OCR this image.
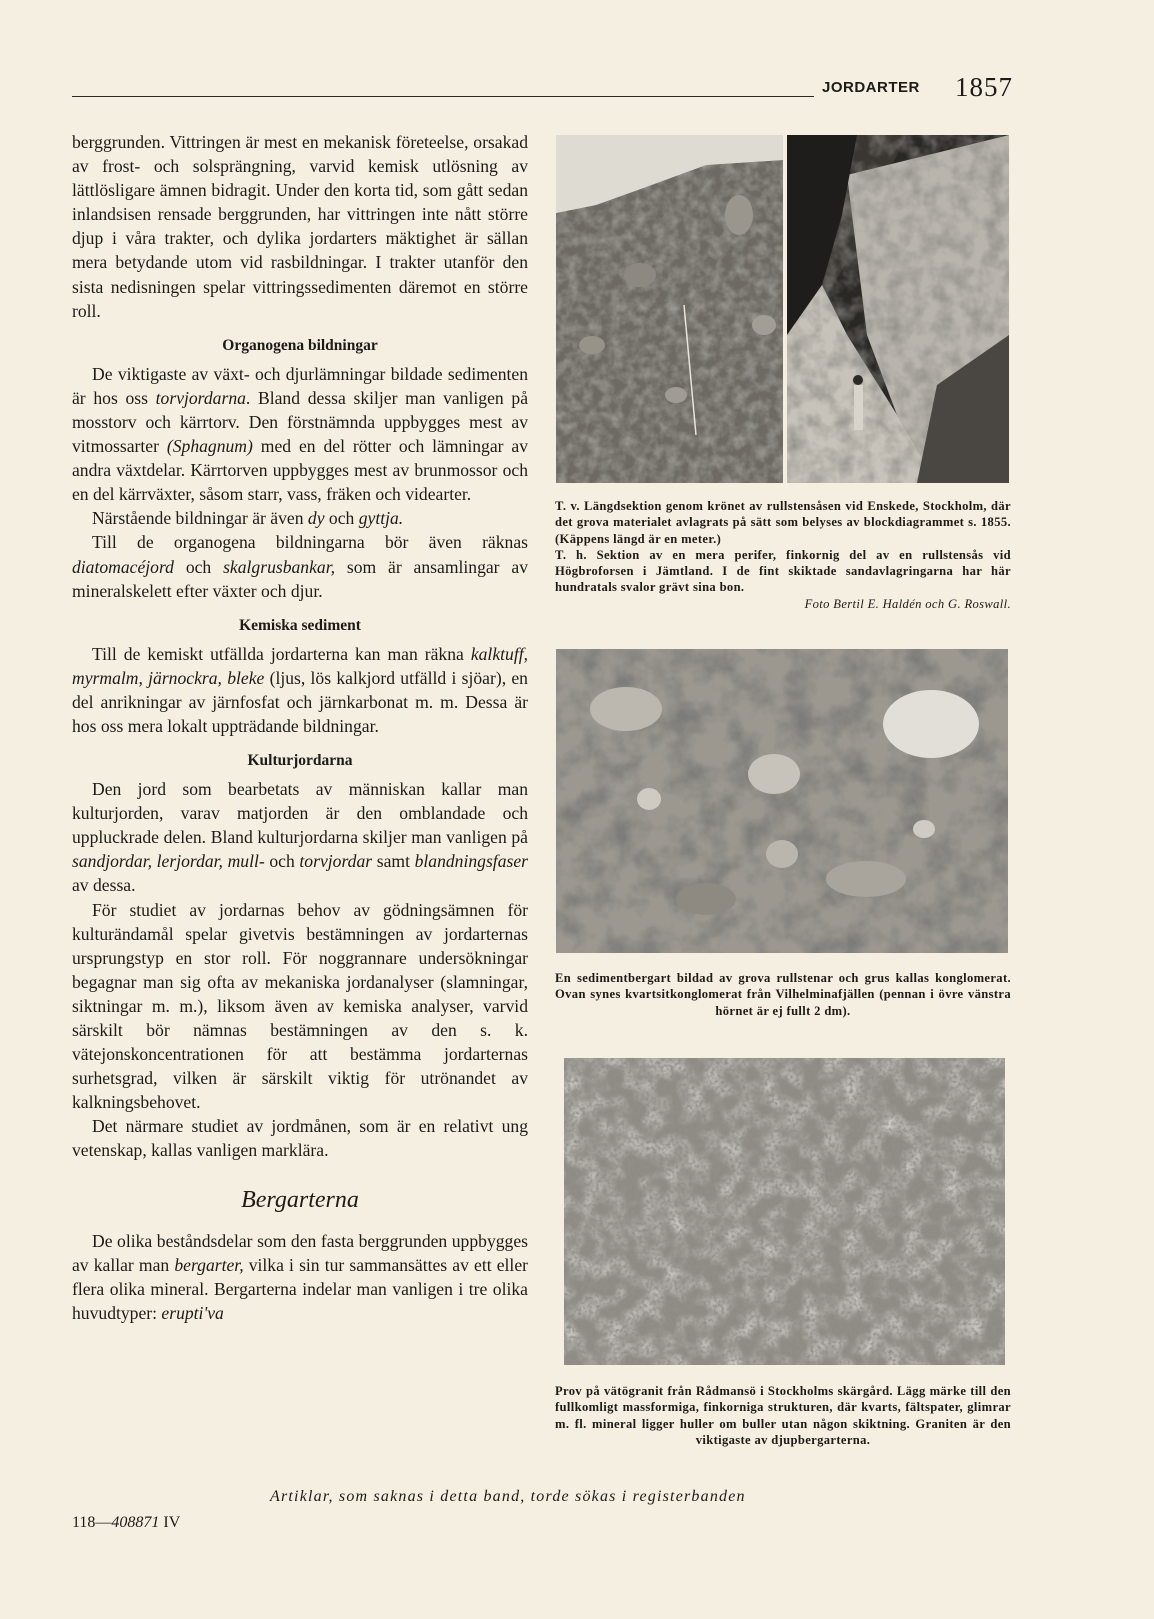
JORDARTER 1857

berggrunden. Vittringen är mest en mekanisk företeelse, orsakad av frost- och solsprängning, varvid kemisk utlösning av lättlösligare ämnen bidragit. Under den korta tid, som gått sedan inlandsisen rensade berggrunden, har vittringen inte nått större djup i våra trakter, och dylika jordarters mäktighet är sällan mera betydande utom vid rasbildningar. I trakter utanför den sista nedisningen spelar vittringssedimenten däremot en större roll.

Organogena bildningar

De viktigaste av växt- och djurlämningar bildade sedimenten är hos oss torvjordarna. Bland dessa skiljer man vanligen på mosstorv och kärrtorv. Den förstnämnda uppbygges mest av vitmossarter (Sphagnum) med en del rötter och lämningar av andra växtdelar. Kärrtorven uppbygges mest av brunmossor och en del kärrväxter, såsom starr, vass, fräken och videarter.

Närstående bildningar är även dy och gyttja.

Till de organogena bildningarna bör även räknas diatomacéjord och skalgrusbankar, som är ansamlingar av mineralskelett efter växter och djur.

Kemiska sediment

Till de kemiskt utfällda jordarterna kan man räkna kalktuff, myrmalm, järnockra, bleke (ljus, lös kalkjord utfälld i sjöar), en del anrikningar av järnfosfat och järnkarbonat m. m. Dessa är hos oss mera lokalt uppträdande bildningar.

Kulturjordarna

Den jord som bearbetats av människan kallar man kulturjorden, varav matjorden är den omblandade och uppluckrade delen. Bland kulturjordarna skiljer man vanligen på sandjordar, lerjordar, mull- och torvjordar samt blandningsfaser av dessa.

För studiet av jordarnas behov av gödningsämnen för kulturändamål spelar givetvis bestämningen av jordarternas ursprungstyp en stor roll. För noggrannare undersökningar begagnar man sig ofta av mekaniska jordanalyser (slamningar, siktningar m. m.), liksom även av kemiska analyser, varvid särskilt bör nämnas bestämningen av den s. k. vätejonskoncentrationen för att bestämma jordarternas surhetsgrad, vilken är särskilt viktig för utrönandet av kalkningsbehovet.

Det närmare studiet av jordmånen, som är en relativt ung vetenskap, kallas vanligen marklära.

Bergarterna

De olika beståndsdelar som den fasta berggrunden uppbygges av kallar man bergarter, vilka i sin tur sammansättes av ett eller flera olika mineral. Bergarterna indelar man vanligen i tre olika huvudtyper: erupti'va

T. v. Längdsektion genom krönet av rullstensåsen vid Enskede, Stockholm, där det grova materialet avlagrats på sätt som belyses av blockdiagrammet s. 1855. (Käppens längd är en meter.)

T. h. Sektion av en mera perifer, finkornig del av en rullstensås vid Högbroforsen i Jämtland. I de fint skiktade sandavlagringarna har här hundratals svalor grävt sina bon.

Foto Bertil E. Haldén och G. Roswall.

En sedimentbergart bildad av grova rullstenar och grus kallas konglomerat. Ovan synes kvartsitkonglomerat från Vilhelminafjällen (pennan i övre vänstra hörnet är ej fullt 2 dm).

Prov på vätögranit från Rådmansö i Stockholms skärgård. Lägg märke till den fullkomligt massformiga, finkorniga strukturen, där kvarts, fältspater, glimrar m. fl. mineral ligger huller om buller utan någon skiktning. Graniten är den viktigaste av djupbergarterna.

Artiklar, som saknas i detta band, torde sökas i registerbanden
118—408871 IV
